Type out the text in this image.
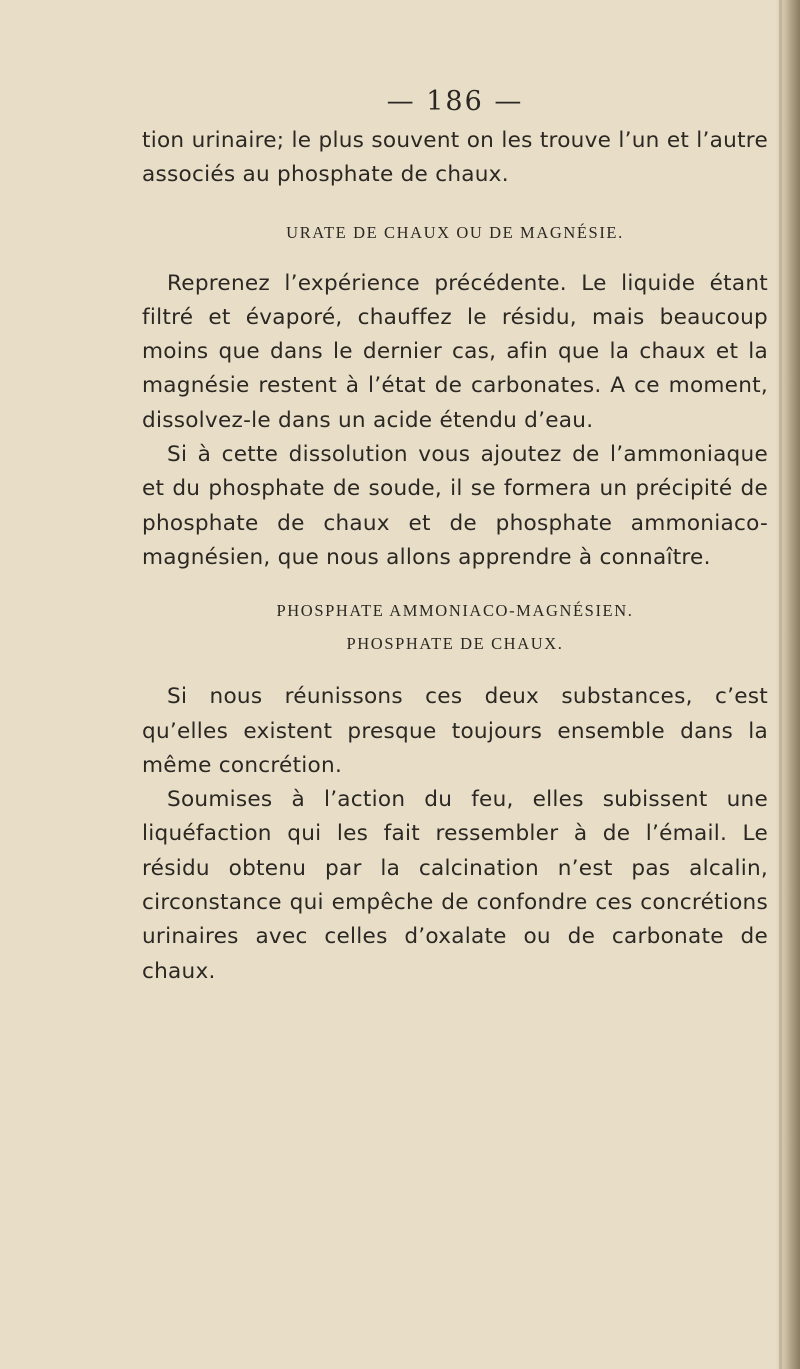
— 186 —

tion urinaire; le plus souvent on les trouve l’un et l’autre associés au phosphate de chaux.

URATE DE CHAUX OU DE MAGNÉSIE.

Reprenez l’expérience précédente. Le liquide étant filtré et évaporé, chauffez le résidu, mais beaucoup moins que dans le dernier cas, afin que la chaux et la magnésie restent à l’état de carbonates. A ce moment, dissolvez-le dans un acide étendu d’eau.

Si à cette dissolution vous ajoutez de l’ammoniaque et du phosphate de soude, il se formera un précipité de phosphate de chaux et de phosphate ammoniaco-magnésien, que nous allons apprendre à connaître.

PHOSPHATE AMMONIACO-MAGNÉSIEN.

PHOSPHATE DE CHAUX.

Si nous réunissons ces deux substances, c’est qu’elles existent presque toujours ensemble dans la même concrétion.

Soumises à l’action du feu, elles subissent une liquéfaction qui les fait ressembler à de l’émail. Le résidu obtenu par la calcination n’est pas alcalin, circonstance qui empêche de confondre ces concrétions urinaires avec celles d’oxalate ou de carbonate de chaux.
